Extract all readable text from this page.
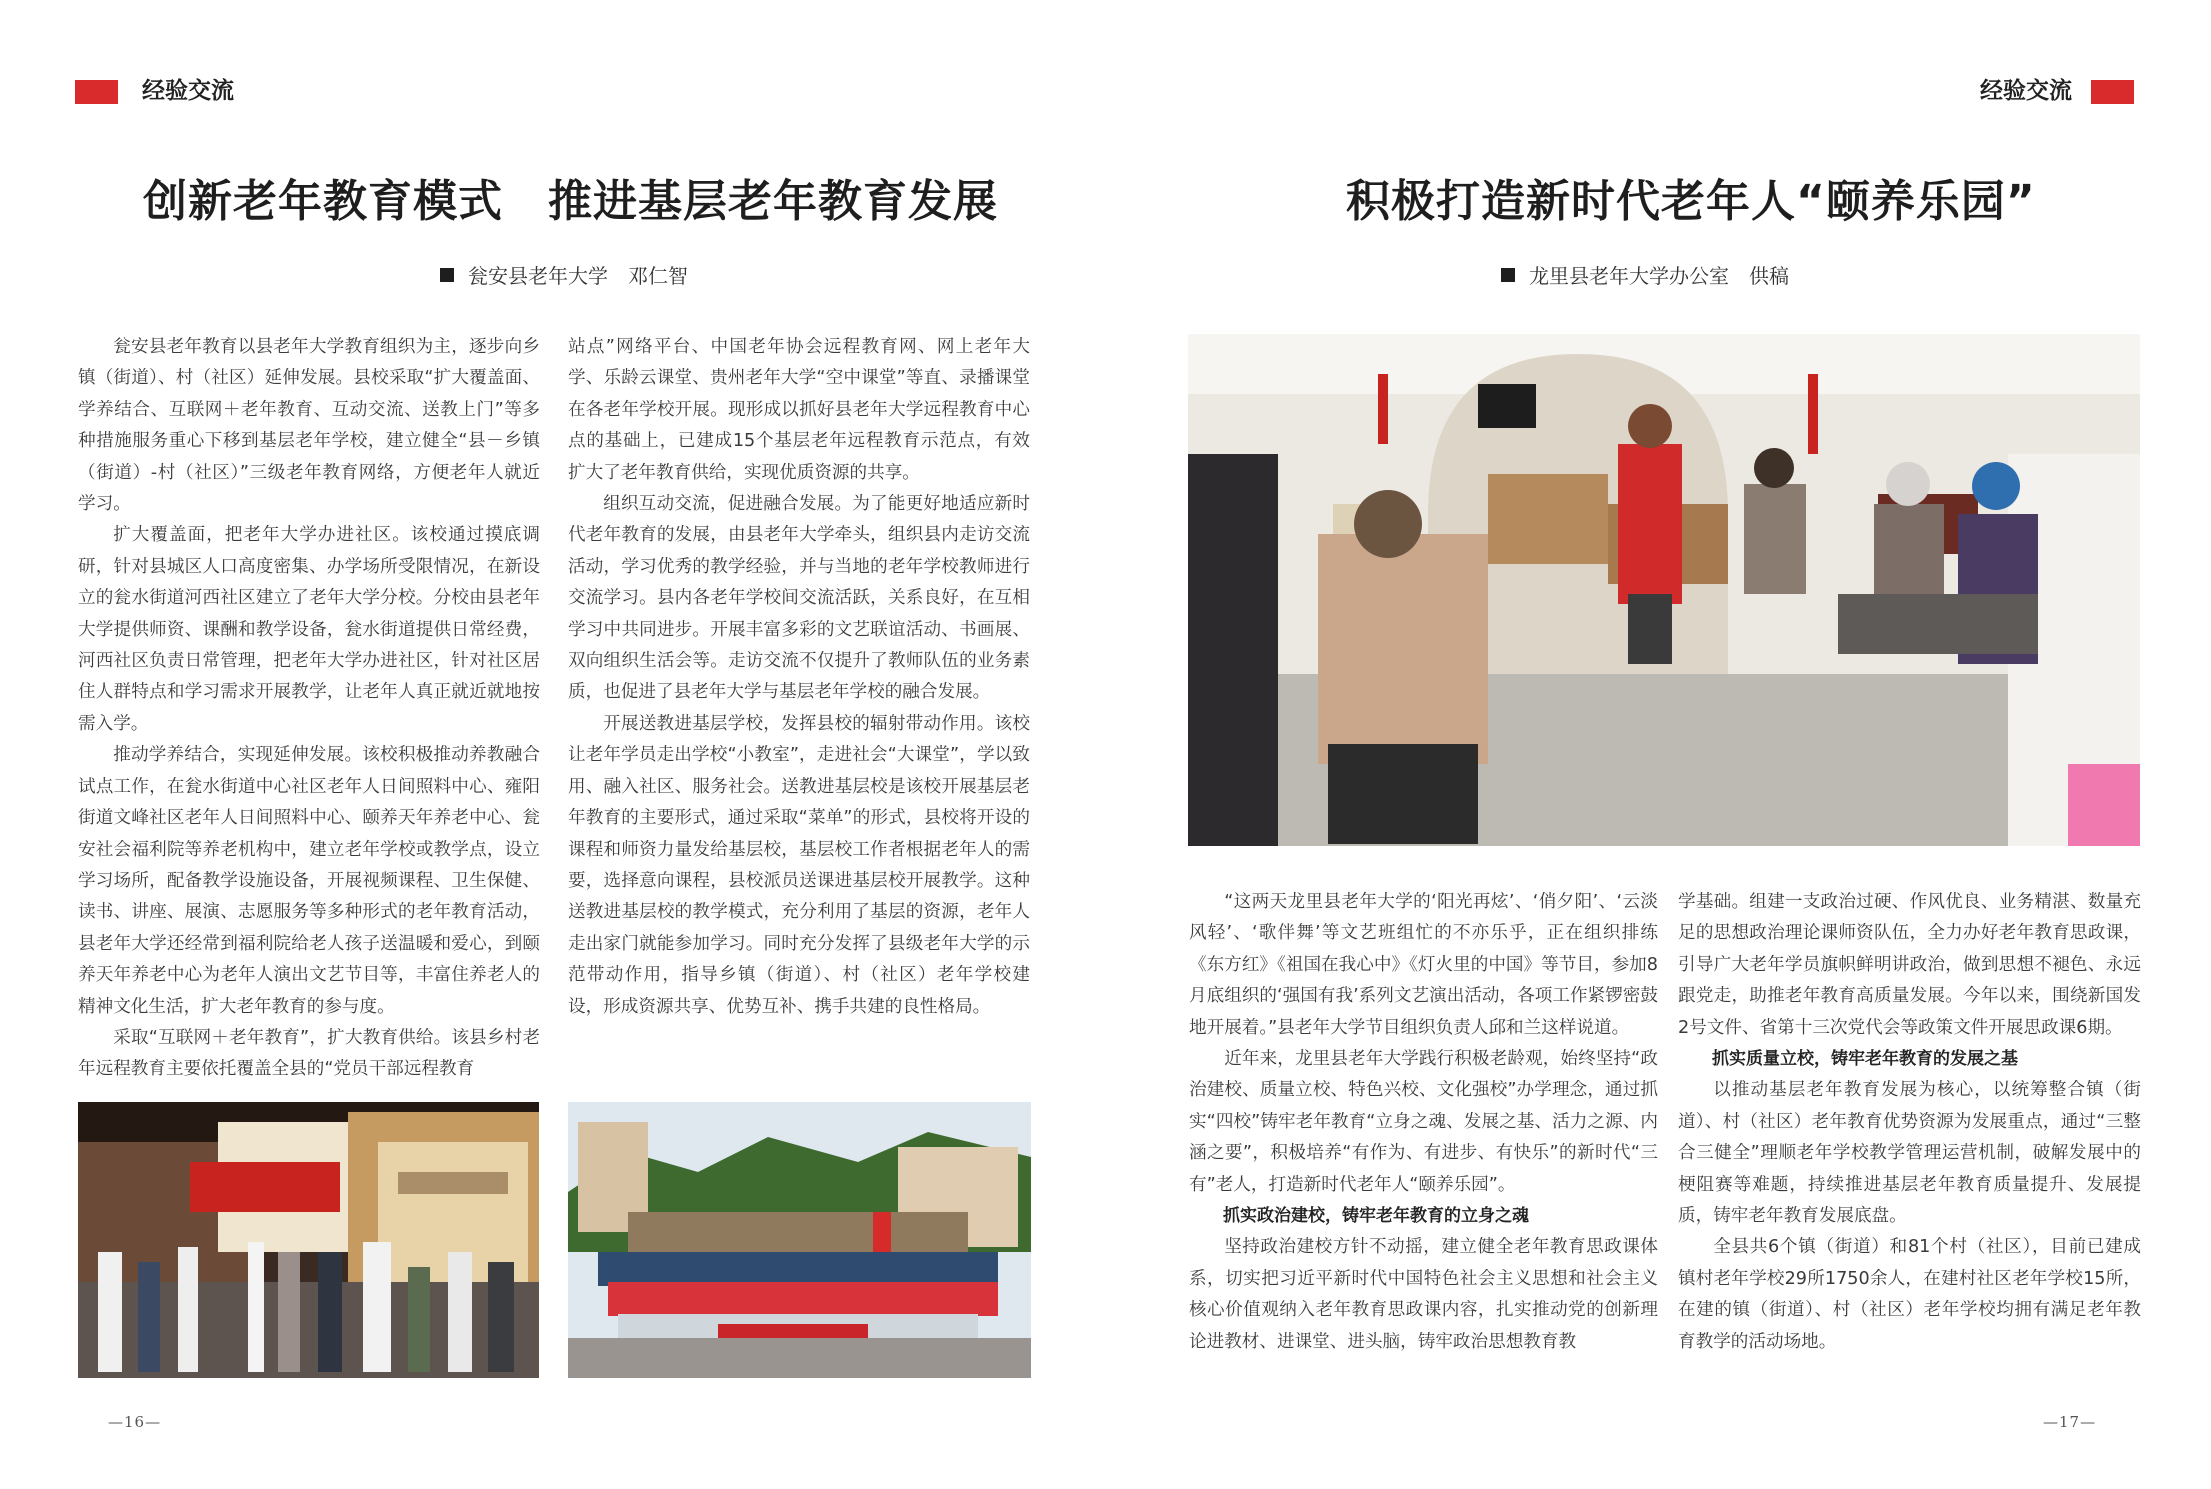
经验交流
创新老年教育模式　推进基层老年教育发展
瓮安县老年大学　邓仁智

瓮安县老年教育以县老年大学教育组织为主，逐步向乡镇（街道）、村（社区）延伸发展。县校采取“扩大覆盖面、学养结合、互联网＋老年教育、互动交流、送教上门”等多种措施服务重心下移到基层老年学校，建立健全“县－乡镇（街道）-村（社区）”三级老年教育网络，方便老年人就近学习。

扩大覆盖面，把老年大学办进社区。该校通过摸底调研，针对县城区人口高度密集、办学场所受限情况，在新设立的瓮水街道河西社区建立了老年大学分校。分校由县老年大学提供师资、课酬和教学设备，瓮水街道提供日常经费，河西社区负责日常管理，把老年大学办进社区，针对社区居住人群特点和学习需求开展教学，让老年人真正就近就地按需入学。

推动学养结合，实现延伸发展。该校积极推动养教融合试点工作，在瓮水街道中心社区老年人日间照料中心、雍阳街道文峰社区老年人日间照料中心、颐养天年养老中心、瓮安社会福利院等养老机构中，建立老年学校或教学点，设立学习场所，配备教学设施设备，开展视频课程、卫生保健、读书、讲座、展演、志愿服务等多种形式的老年教育活动，县老年大学还经常到福利院给老人孩子送温暖和爱心，到颐养天年养老中心为老年人演出文艺节目等，丰富住养老人的精神文化生活，扩大老年教育的参与度。

采取“互联网＋老年教育”，扩大教育供给。该县乡村老年远程教育主要依托覆盖全县的“党员干部远程教育

站点”网络平台、中国老年协会远程教育网、网上老年大学、乐龄云课堂、贵州老年大学“空中课堂”等直、录播课堂在各老年学校开展。现形成以抓好县老年大学远程教育中心点的基础上，已建成15个基层老年远程教育示范点，有效扩大了老年教育供给，实现优质资源的共享。

组织互动交流，促进融合发展。为了能更好地适应新时代老年教育的发展，由县老年大学牵头，组织县内走访交流活动，学习优秀的教学经验，并与当地的老年学校教师进行交流学习。县内各老年学校间交流活跃，关系良好，在互相学习中共同进步。开展丰富多彩的文艺联谊活动、书画展、双向组织生活会等。走访交流不仅提升了教师队伍的业务素质，也促进了县老年大学与基层老年学校的融合发展。

开展送教进基层学校，发挥县校的辐射带动作用。该校让老年学员走出学校“小教室”，走进社会“大课堂”，学以致用、融入社区、服务社会。送教进基层校是该校开展基层老年教育的主要形式，通过采取“菜单”的形式，县校将开设的课程和师资力量发给基层校，基层校工作者根据老年人的需要，选择意向课程，县校派员送课进基层校开展教学。这种送教进基层校的教学模式，充分利用了基层的资源，老年人走出家门就能参加学习。同时充分发挥了县级老年大学的示范带动作用，指导乡镇（街道）、村（社区）老年学校建设，形成资源共享、优势互补、携手共建的良性格局。

—16—
经验交流
积极打造新时代老年人“颐养乐园”
龙里县老年大学办公室　供稿

“这两天龙里县老年大学的‘阳光再炫’、‘俏夕阳’、‘云淡风轻’、‘歌伴舞’等文艺班组忙的不亦乐乎，正在组织排练《东方红》《祖国在我心中》《灯火里的中国》等节目，参加8月底组织的‘强国有我’系列文艺演出活动，各项工作紧锣密鼓地开展着。”县老年大学节目组织负责人邱和兰这样说道。

近年来，龙里县老年大学践行积极老龄观，始终坚持“政治建校、质量立校、特色兴校、文化强校”办学理念，通过抓实“四校”铸牢老年教育“立身之魂、发展之基、活力之源、内涵之要”，积极培养“有作为、有进步、有快乐”的新时代“三有”老人，打造新时代老年人“颐养乐园”。

抓实政治建校，铸牢老年教育的立身之魂

坚持政治建校方针不动摇，建立健全老年教育思政课体系，切实把习近平新时代中国特色社会主义思想和社会主义核心价值观纳入老年教育思政课内容，扎实推动党的创新理论进教材、进课堂、进头脑，铸牢政治思想教育教

学基础。组建一支政治过硬、作风优良、业务精湛、数量充足的思想政治理论课师资队伍，全力办好老年教育思政课，引导广大老年学员旗帜鲜明讲政治，做到思想不褪色、永远跟党走，助推老年教育高质量发展。今年以来，围绕新国发2号文件、省第十三次党代会等政策文件开展思政课6期。

抓实质量立校，铸牢老年教育的发展之基

以推动基层老年教育发展为核心，以统筹整合镇（街道）、村（社区）老年教育优势资源为发展重点，通过“三整合三健全”理顺老年学校教学管理运营机制，破解发展中的梗阻赛等难题，持续推进基层老年教育质量提升、发展提质，铸牢老年教育发展底盘。

全县共6个镇（街道）和81个村（社区），目前已建成镇村老年学校29所1750余人，在建村社区老年学校15所，在建的镇（街道）、村（社区）老年学校均拥有满足老年教育教学的活动场地。

—17—
